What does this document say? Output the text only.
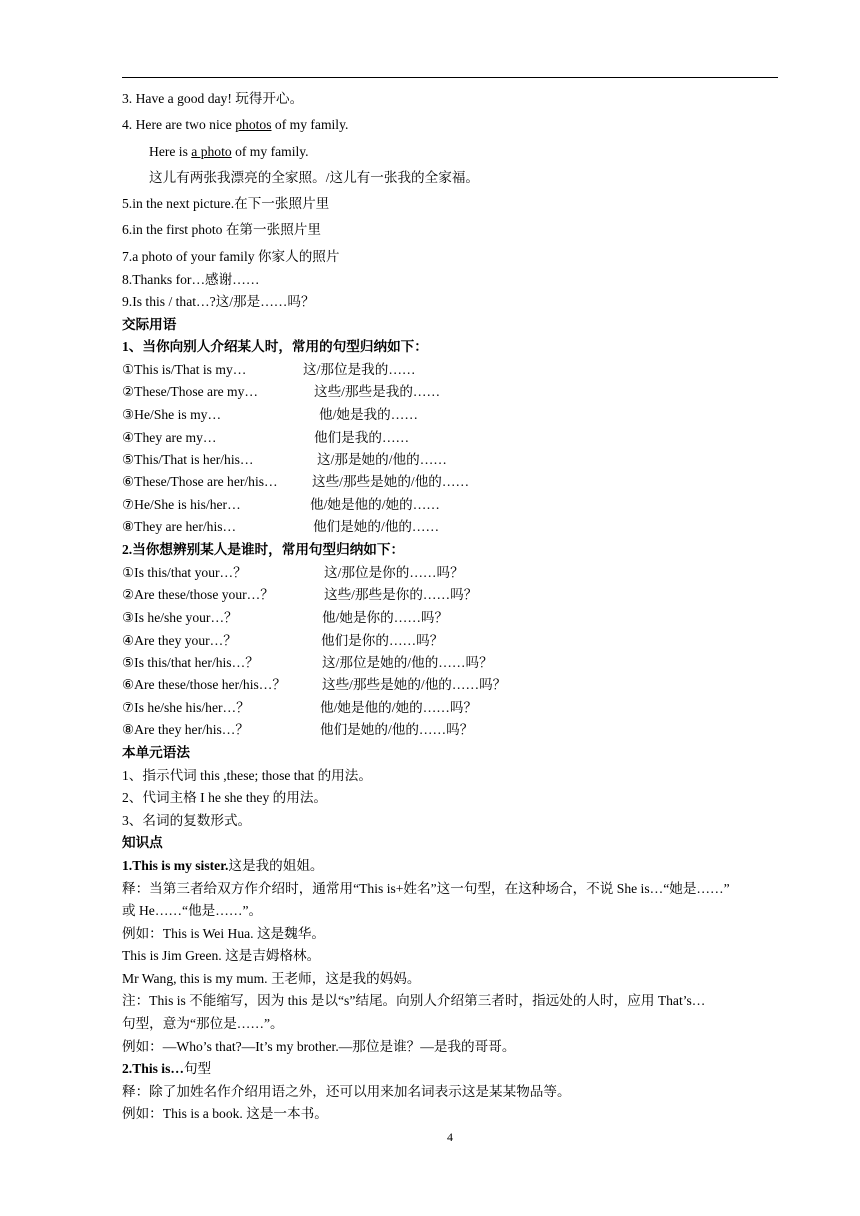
3. Have a good day! 玩得开心。
4. Here are two nice photos of my family.
Here is a photo of my family.
这儿有两张我漂亮的全家照。/这儿有一张我的全家福。
5.in the next picture.在下一张照片里
6.in the first photo 在第一张照片里
7.a photo of your family 你家人的照片
8.Thanks for…感谢……
9.Is this / that…?这/那是……吗？
交际用语
1、当你向别人介绍某人时，常用的句型归纳如下：
①This is/That is my…	这/那位是我的……
②These/Those are my…	这些/那些是我的……
③He/She is my…	他/她是我的……
④They are my…	他们是我的……
⑤This/That is her/his…	这/那是她的/他的……
⑥These/Those are her/his…	这些/那些是她的/他的……
⑦He/She is his/her…	他/她是他的/她的……
⑧They are her/his…	他们是她的/他的……
2.当你想辨别某人是谁时，常用句型归纳如下：
①Is this/that your…？	这/那位是你的……吗？
②Are these/those your…？	这些/那些是你的……吗？
③Is he/she your…？	他/她是你的……吗？
④Are they your…？	他们是你的……吗？
⑤Is this/that her/his…？	这/那位是她的/他的……吗？
⑥Are these/those her/his…？	这些/那些是她的/他的……吗？
⑦Is he/she his/her…？	他/她是他的/她的……吗？
⑧Are they her/his…？	他们是她的/他的……吗？
本单元语法
1、指示代词 this ,these; those that 的用法。
2、代词主格 I he she they 的用法。
3、名词的复数形式。
知识点
1.This is my sister.这是我的姐姐。
释：当第三者给双方作介绍时，通常用“This is+姓名”这一句型，在这种场合，不说 She is…“她是……”
或 He……“他是……”。
例如：This is Wei Hua. 这是魏华。
This is Jim Green. 这是吉姆格林。
Mr Wang, this is my mum. 王老师，这是我的妈妈。
注：This is 不能缩写，因为 this 是以“s”结尾。向别人介绍第三者时，指远处的人时，应用 That’s…
句型，意为“那位是……”。
例如：—Who’s that?—It’s my brother.—那位是谁？—是我的哥哥。
2.This is…句型
释：除了加姓名作介绍用语之外，还可以用来加名词表示这是某某物品等。
例如：This is a book. 这是一本书。
4
